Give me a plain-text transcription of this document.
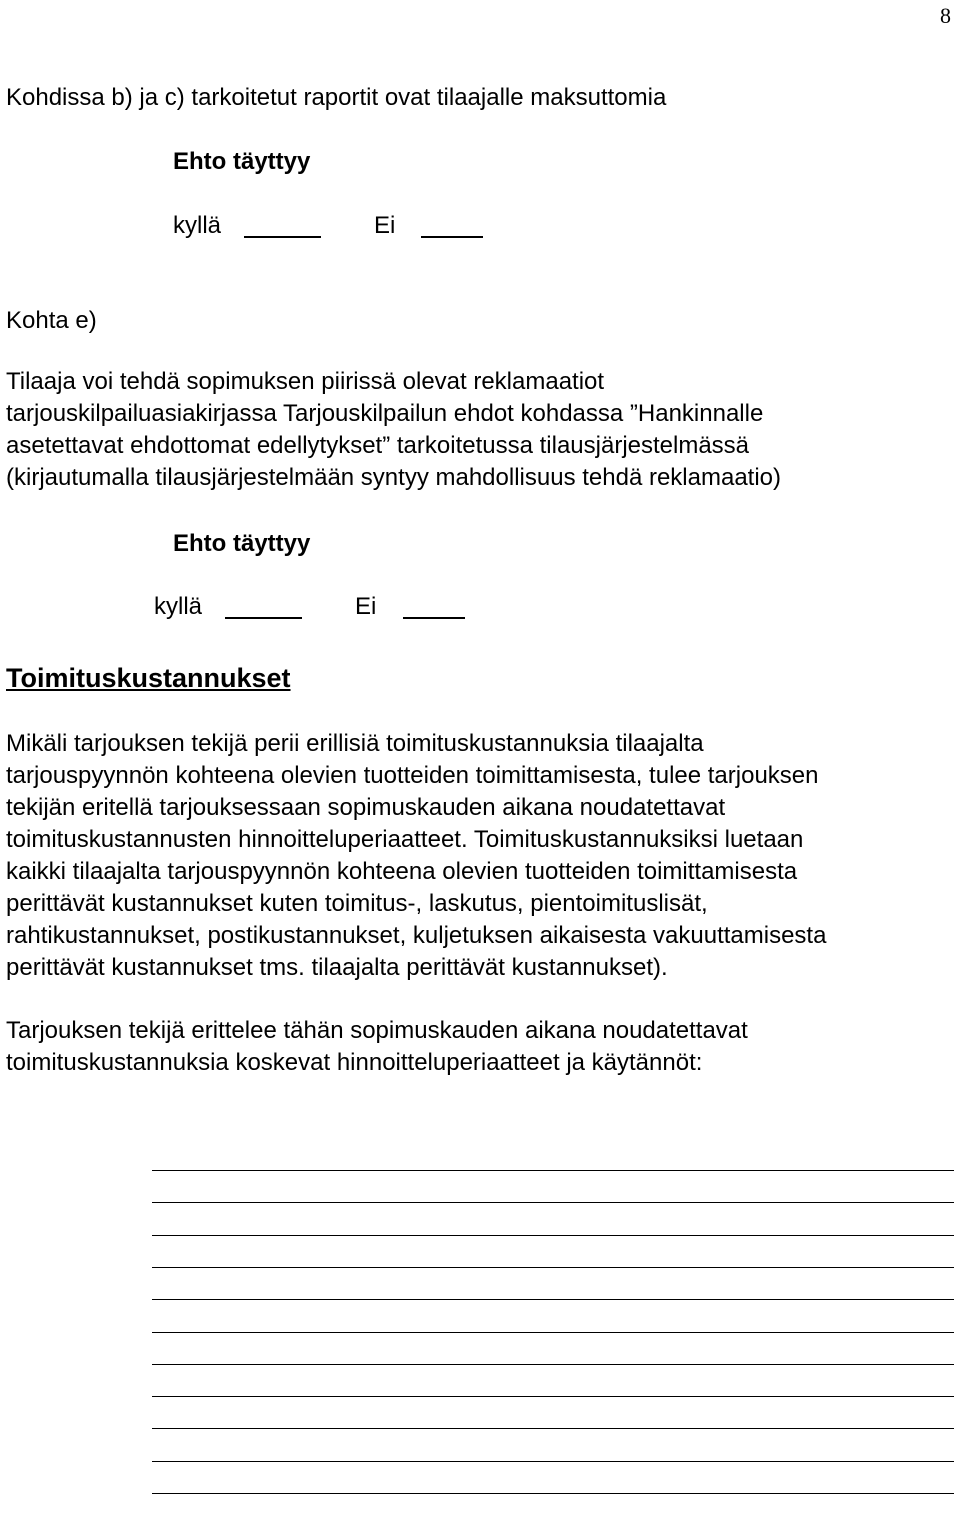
8
Kohdissa b) ja c) tarkoitetut raportit ovat tilaajalle maksuttomia
Ehto täyttyy
kyllä	Ei
Kohta e)
Tilaaja voi tehdä sopimuksen piirissä olevat reklamaatiot
tarjouskilpailuasiakirjassa Tarjouskilpailun ehdot kohdassa ”Hankinnalle
asetettavat ehdottomat edellytykset” tarkoitetussa tilausjärjestelmässä
(kirjautumalla tilausjärjestelmään syntyy mahdollisuus tehdä reklamaatio)
Ehto täyttyy
kyllä	Ei
Toimituskustannukset
Mikäli tarjouksen tekijä perii erillisiä toimituskustannuksia tilaajalta
tarjouspyynnön kohteena olevien tuotteiden toimittamisesta, tulee tarjouksen
tekijän eritellä tarjouksessaan sopimuskauden aikana noudatettavat
toimituskustannusten hinnoitteluperiaatteet. Toimituskustannuksiksi luetaan
kaikki tilaajalta tarjouspyynnön kohteena olevien tuotteiden toimittamisesta
perittävät kustannukset kuten toimitus-, laskutus, pientoimituslisät,
rahtikustannukset, postikustannukset, kuljetuksen aikaisesta vakuuttamisesta
perittävät kustannukset tms. tilaajalta perittävät kustannukset).
Tarjouksen tekijä erittelee tähän sopimuskauden aikana noudatettavat
toimituskustannuksia koskevat hinnoitteluperiaatteet ja käytännöt:
